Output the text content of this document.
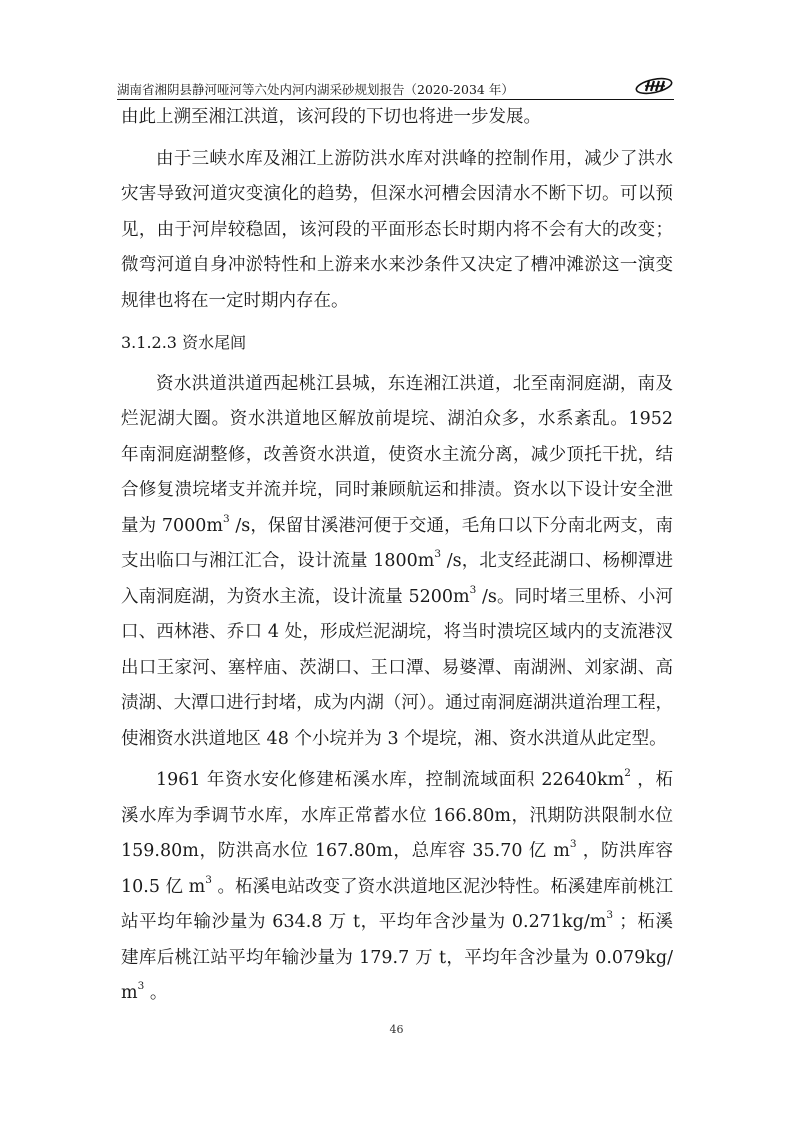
湖南省湘阴县静河哑河等六处内河内湖采砂规划报告（2020-2034 年）

由此上溯至湘江洪道，该河段的下切也将进一步发展。

由于三峡水库及湘江上游防洪水库对洪峰的控制作用，减少了洪水灾害导致河道灾变演化的趋势，但深水河槽会因清水不断下切。可以预见，由于河岸较稳固，该河段的平面形态长时期内将不会有大的改变；微弯河道自身冲淤特性和上游来水来沙条件又决定了槽冲滩淤这一演变规律也将在一定时期内存在。

3.1.2.3 资水尾闾

资水洪道洪道西起桃江县城，东连湘江洪道，北至南洞庭湖，南及烂泥湖大圈。资水洪道地区解放前堤垸、湖泊众多，水系紊乱。1952年南洞庭湖整修，改善资水洪道，使资水主流分离，减少顶托干扰，结合修复溃垸堵支并流并垸，同时兼顾航运和排渍。资水以下设计安全泄量为 $7000m^3$ /s，保留甘溪港河便于交通，毛角口以下分南北两支，南支出临口与湘江汇合，设计流量 $1800m^3$ /s，北支经茈湖口、杨柳潭进入南洞庭湖，为资水主流，设计流量 $5200m^3$ /s。同时堵三里桥、小河口、西林港、乔口 4 处，形成烂泥湖垸，将当时溃垸区域内的支流港汊出口王家河、塞梓庙、茨湖口、王口潭、易婆潭、南湖洲、刘家湖、高渍湖、大潭口进行封堵，成为内湖（河）。通过南洞庭湖洪道治理工程，使湘资水洪道地区 48 个小垸并为 3 个堤垸，湘、资水洪道从此定型。

1961 年资水安化修建柘溪水库，控制流域面积 $22640km^2$ ，柘溪水库为季调节水库，水库正常蓄水位 166.80m，汛期防洪限制水位 159.80m，防洪高水位 167.80m，总库容 35.70 亿 $m^3$ ，防洪库容 10.5 亿 $m^3$ 。柘溪电站改变了资水洪道地区泥沙特性。柘溪建库前桃江站平均年输沙量为 634.8 万 t，平均年含沙量为 $0.271kg/m^3$ ；柘溪建库后桃江站平均年输沙量为 179.7 万 t，平均年含沙量为 $0.079kg/m^3$ 。

46
